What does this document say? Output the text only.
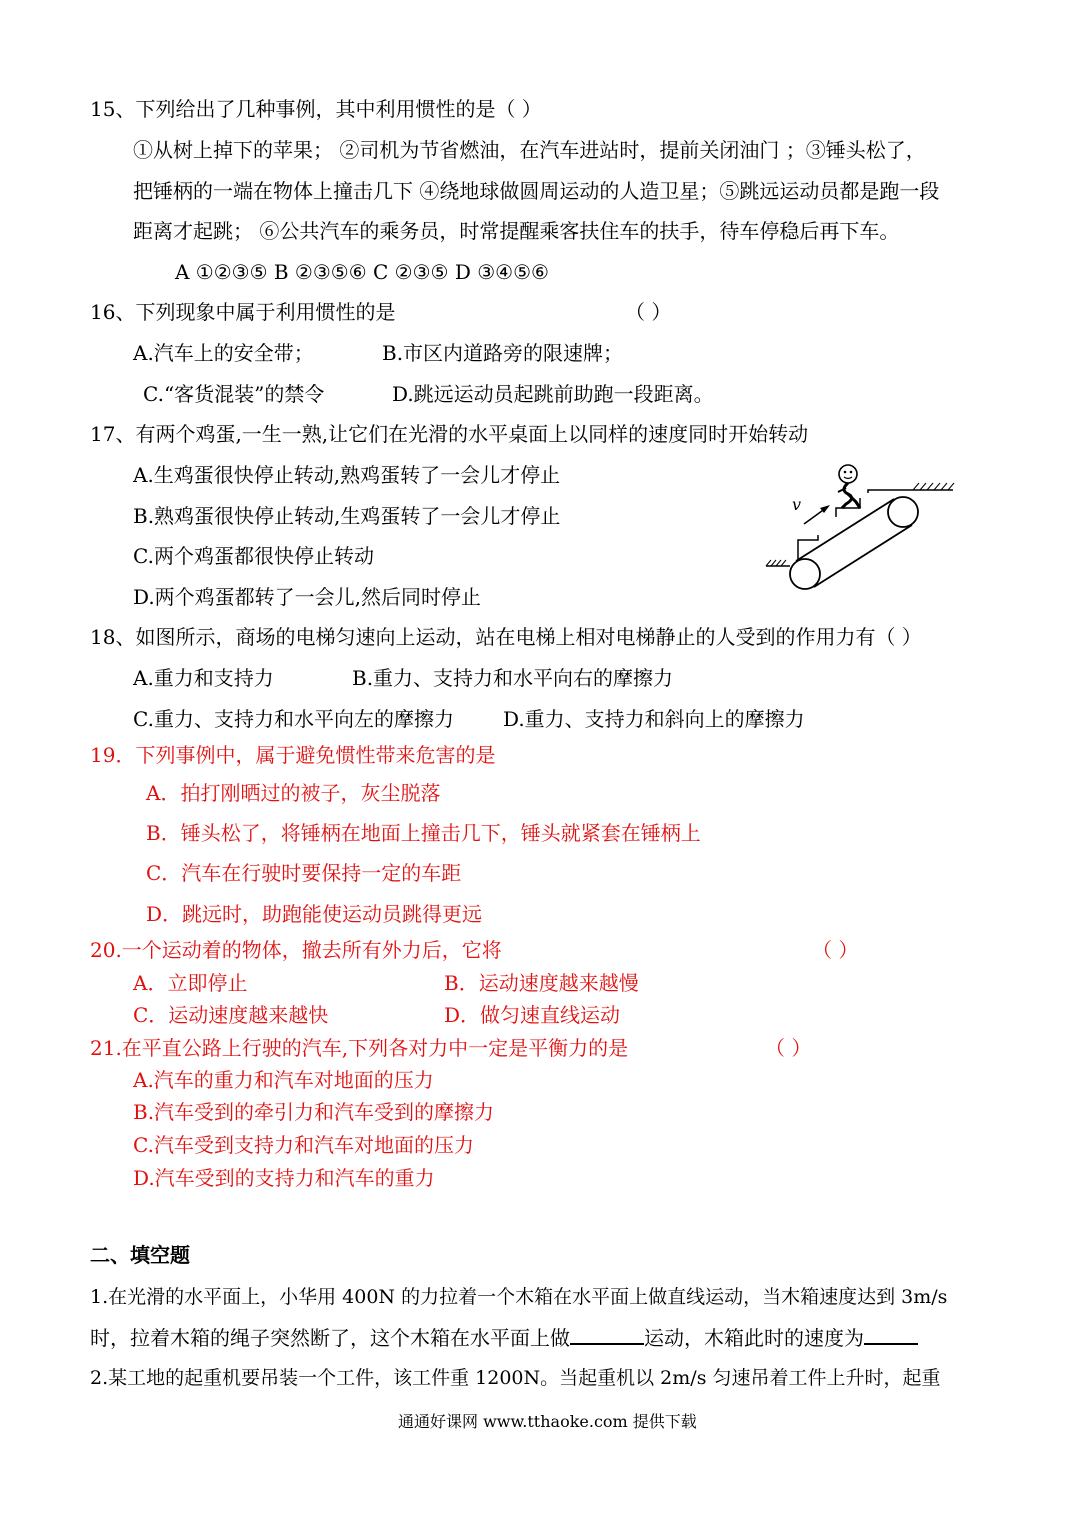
15、下列给出了几种事例，其中利用惯性的是（ ）
①从树上掉下的苹果； ②司机为节省燃油，在汽车进站时，提前关闭油门 ；③锤头松了，
把锤柄的一端在物体上撞击几下 ④绕地球做圆周运动的人造卫星；⑤跳远运动员都是跑一段
距离才起跳； ⑥公共汽车的乘务员，时常提醒乘客扶住车的扶手，待车停稳后再下车。
A ①②③⑤ B ②③⑤⑥ C ②③⑤ D ③④⑤⑥
16、下列现象中属于利用惯性的是	（ ）
A.汽车上的安全带；	B.市区内道路旁的限速牌；
C.“客货混装”的禁令	D.跳远运动员起跳前助跑一段距离。
17、有两个鸡蛋,一生一熟,让它们在光滑的水平桌面上以同样的速度同时开始转动
A.生鸡蛋很快停止转动,熟鸡蛋转了一会儿才停止
B.熟鸡蛋很快停止转动,生鸡蛋转了一会儿才停止
C.两个鸡蛋都很快停止转动
D.两个鸡蛋都转了一会儿,然后同时停止
v
18、如图所示，商场的电梯匀速向上运动，站在电梯上相对电梯静止的人受到的作用力有（ ）
A.重力和支持力	B.重力、支持力和水平向右的摩擦力
C.重力、支持力和水平向左的摩擦力 D.重力、支持力和斜向上的摩擦力
19．下列事例中，属于避免惯性带来危害的是
A．拍打刚晒过的被子，灰尘脱落
B．锤头松了，将锤柄在地面上撞击几下，锤头就紧套在锤柄上
C．汽车在行驶时要保持一定的车距
D．跳远时，助跑能使运动员跳得更远
20.一个运动着的物体，撤去所有外力后，它将	（ ）
A．立即停止	B．运动速度越来越慢
C．运动速度越来越快	D．做匀速直线运动
21.在平直公路上行驶的汽车,下列各对力中一定是平衡力的是	（ ）
A.汽车的重力和汽车对地面的压力
B.汽车受到的牵引力和汽车受到的摩擦力
C.汽车受到支持力和汽车对地面的压力
D.汽车受到的支持力和汽车的重力
二、填空题
1.在光滑的水平面上，小华用 400N 的力拉着一个木箱在水平面上做直线运动，当木箱速度达到 3m/s
时，拉着木箱的绳子突然断了，这个木箱在水平面上做	运动，木箱此时的速度为
2.某工地的起重机要吊装一个工件，该工件重 1200N。当起重机以 2m/s 匀速吊着工件上升时，起重
通通好课网 www.tthaoke.com 提供下载
